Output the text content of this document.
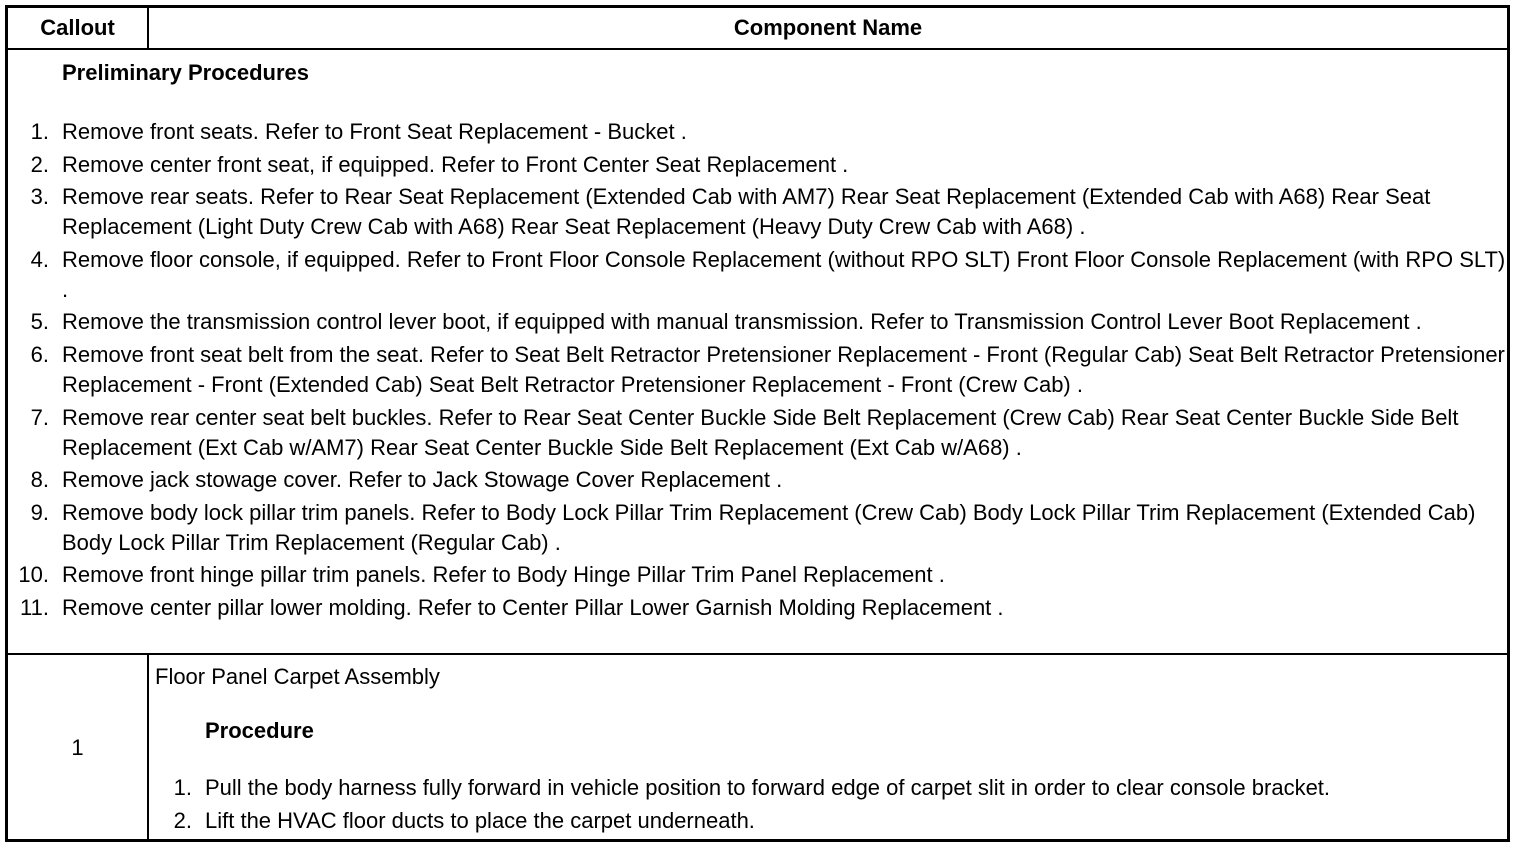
Callout	Component Name
Preliminary Procedures
1. Remove front seats. Refer to Front Seat Replacement - Bucket .
2. Remove center front seat, if equipped. Refer to Front Center Seat Replacement .
3. Remove rear seats. Refer to Rear Seat Replacement (Extended Cab with AM7) Rear Seat Replacement (Extended Cab with A68) Rear Seat Replacement (Light Duty Crew Cab with A68) Rear Seat Replacement (Heavy Duty Crew Cab with A68) .
4. Remove floor console, if equipped. Refer to Front Floor Console Replacement (without RPO SLT) Front Floor Console Replacement (with RPO SLT) .
5. Remove the transmission control lever boot, if equipped with manual transmission. Refer to Transmission Control Lever Boot Replacement .
6. Remove front seat belt from the seat. Refer to Seat Belt Retractor Pretensioner Replacement - Front (Regular Cab) Seat Belt Retractor Pretensioner Replacement - Front (Extended Cab) Seat Belt Retractor Pretensioner Replacement - Front (Crew Cab) .
7. Remove rear center seat belt buckles. Refer to Rear Seat Center Buckle Side Belt Replacement (Crew Cab) Rear Seat Center Buckle Side Belt Replacement (Ext Cab w/AM7) Rear Seat Center Buckle Side Belt Replacement (Ext Cab w/A68) .
8. Remove jack stowage cover. Refer to Jack Stowage Cover Replacement .
9. Remove body lock pillar trim panels. Refer to Body Lock Pillar Trim Replacement (Crew Cab) Body Lock Pillar Trim Replacement (Extended Cab) Body Lock Pillar Trim Replacement (Regular Cab) .
10. Remove front hinge pillar trim panels. Refer to Body Hinge Pillar Trim Panel Replacement .
11. Remove center pillar lower molding. Refer to Center Pillar Lower Garnish Molding Replacement .
1
Floor Panel Carpet Assembly
Procedure
1. Pull the body harness fully forward in vehicle position to forward edge of carpet slit in order to clear console bracket.
2. Lift the HVAC floor ducts to place the carpet underneath.
